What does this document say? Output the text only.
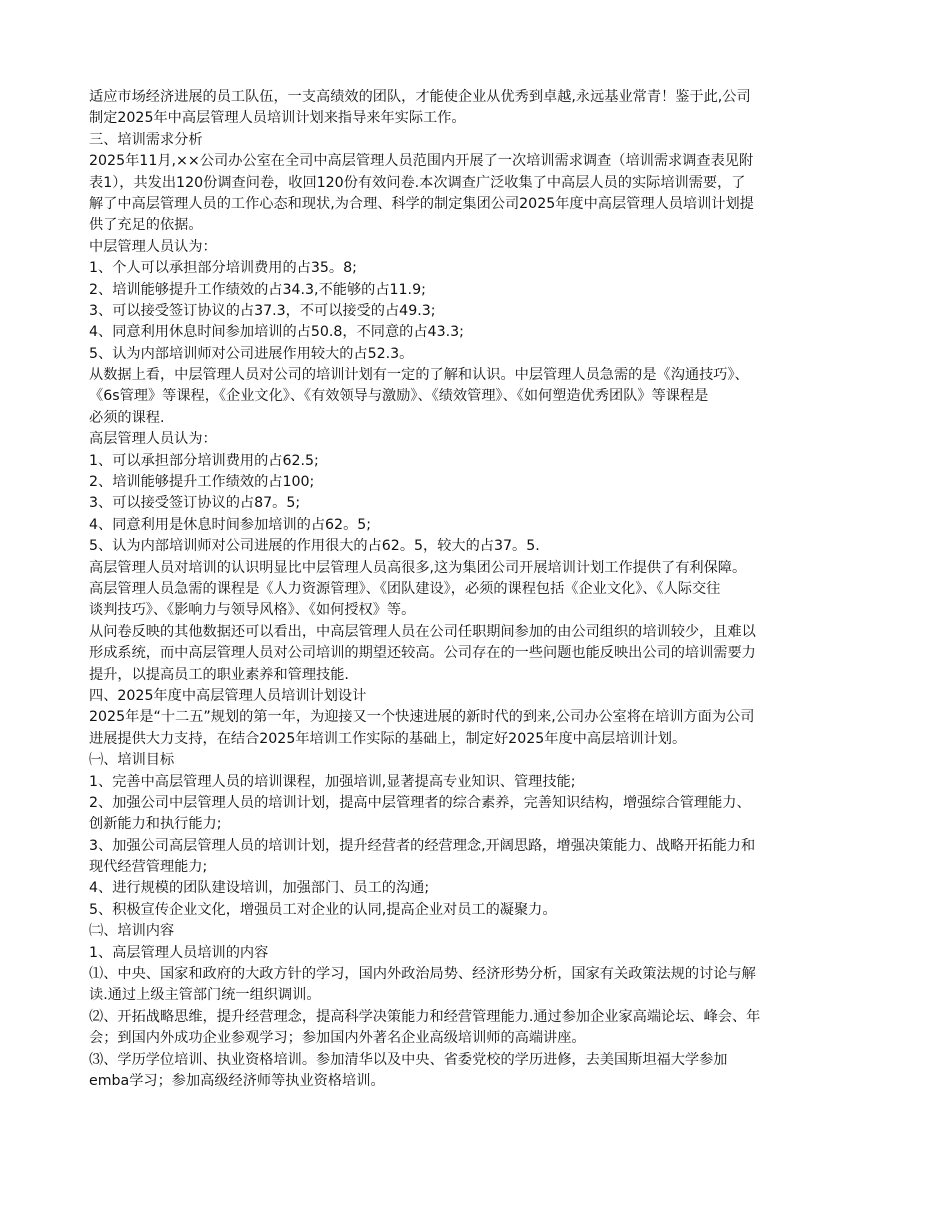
适应市场经济进展的员工队伍，一支高绩效的团队，才能使企业从优秀到卓越,永远基业常青！鉴于此,公司
制定2025年中高层管理人员培训计划来指导来年实际工作。
三、培训需求分析
2025年11月,××公司办公室在全司中高层管理人员范围内开展了一次培训需求调查（培训需求调查表见附
表1），共发出120份调查问卷，收回120份有效问卷.本次调查广泛收集了中高层人员的实际培训需要，了
解了中高层管理人员的工作心态和现状,为合理、科学的制定集团公司2025年度中高层管理人员培训计划提
供了充足的依据。
中层管理人员认为：
1、个人可以承担部分培训费用的占35。8;
2、培训能够提升工作绩效的占34.3,不能够的占11.9;
3、可以接受签订协议的占37.3，不可以接受的占49.3;
4、同意利用休息时间参加培训的占50.8，不同意的占43.3;
5、认为内部培训师对公司进展作用较大的占52.3。
从数据上看，中层管理人员对公司的培训计划有一定的了解和认识。中层管理人员急需的是《沟通技巧》、
《6s管理》等课程，《企业文化》、《有效领导与激励》、《绩效管理》、《如何塑造优秀团队》等课程是
必须的课程.
高层管理人员认为：
1、可以承担部分培训费用的占62.5;
2、培训能够提升工作绩效的占100;
3、可以接受签订协议的占87。5;
4、同意利用是休息时间参加培训的占62。5;
5、认为内部培训师对公司进展的作用很大的占62。5，较大的占37。5.
高层管理人员对培训的认识明显比中层管理人员高很多,这为集团公司开展培训计划工作提供了有利保障。
高层管理人员急需的课程是《人力资源管理》、《团队建设》，必须的课程包括《企业文化》、《人际交往
谈判技巧》、《影响力与领导风格》、《如何授权》等。
从问卷反映的其他数据还可以看出，中高层管理人员在公司任职期间参加的由公司组织的培训较少，且难以
形成系统，而中高层管理人员对公司培训的期望还较高。公司存在的一些问题也能反映出公司的培训需要力
提升，以提高员工的职业素养和管理技能.
四、2025年度中高层管理人员培训计划设计
2025年是“十二五”规划的第一年，为迎接又一个快速进展的新时代的到来,公司办公室将在培训方面为公司
进展提供大力支持，在结合2025年培训工作实际的基础上，制定好2025年度中高层培训计划。
㈠、培训目标
1、完善中高层管理人员的培训课程，加强培训,显著提高专业知识、管理技能;
2、加强公司中层管理人员的培训计划，提高中层管理者的综合素养，完善知识结构，增强综合管理能力、
创新能力和执行能力;
3、加强公司高层管理人员的培训计划，提升经营者的经营理念,开阔思路，增强决策能力、战略开拓能力和
现代经营管理能力;
4、进行规模的团队建设培训，加强部门、员工的沟通;
5、积极宣传企业文化，增强员工对企业的认同,提高企业对员工的凝聚力。
㈡、培训内容
1、高层管理人员培训的内容
⑴、中央、国家和政府的大政方针的学习，国内外政治局势、经济形势分析，国家有关政策法规的讨论与解
读.通过上级主管部门统一组织调训。
⑵、开拓战略思维，提升经营理念，提高科学决策能力和经营管理能力.通过参加企业家高端论坛、峰会、年
会；到国内外成功企业参观学习；参加国内外著名企业高级培训师的高端讲座。
⑶、学历学位培训、执业资格培训。参加清华以及中央、省委党校的学历进修，去美国斯坦福大学参加
emba学习；参加高级经济师等执业资格培训。
